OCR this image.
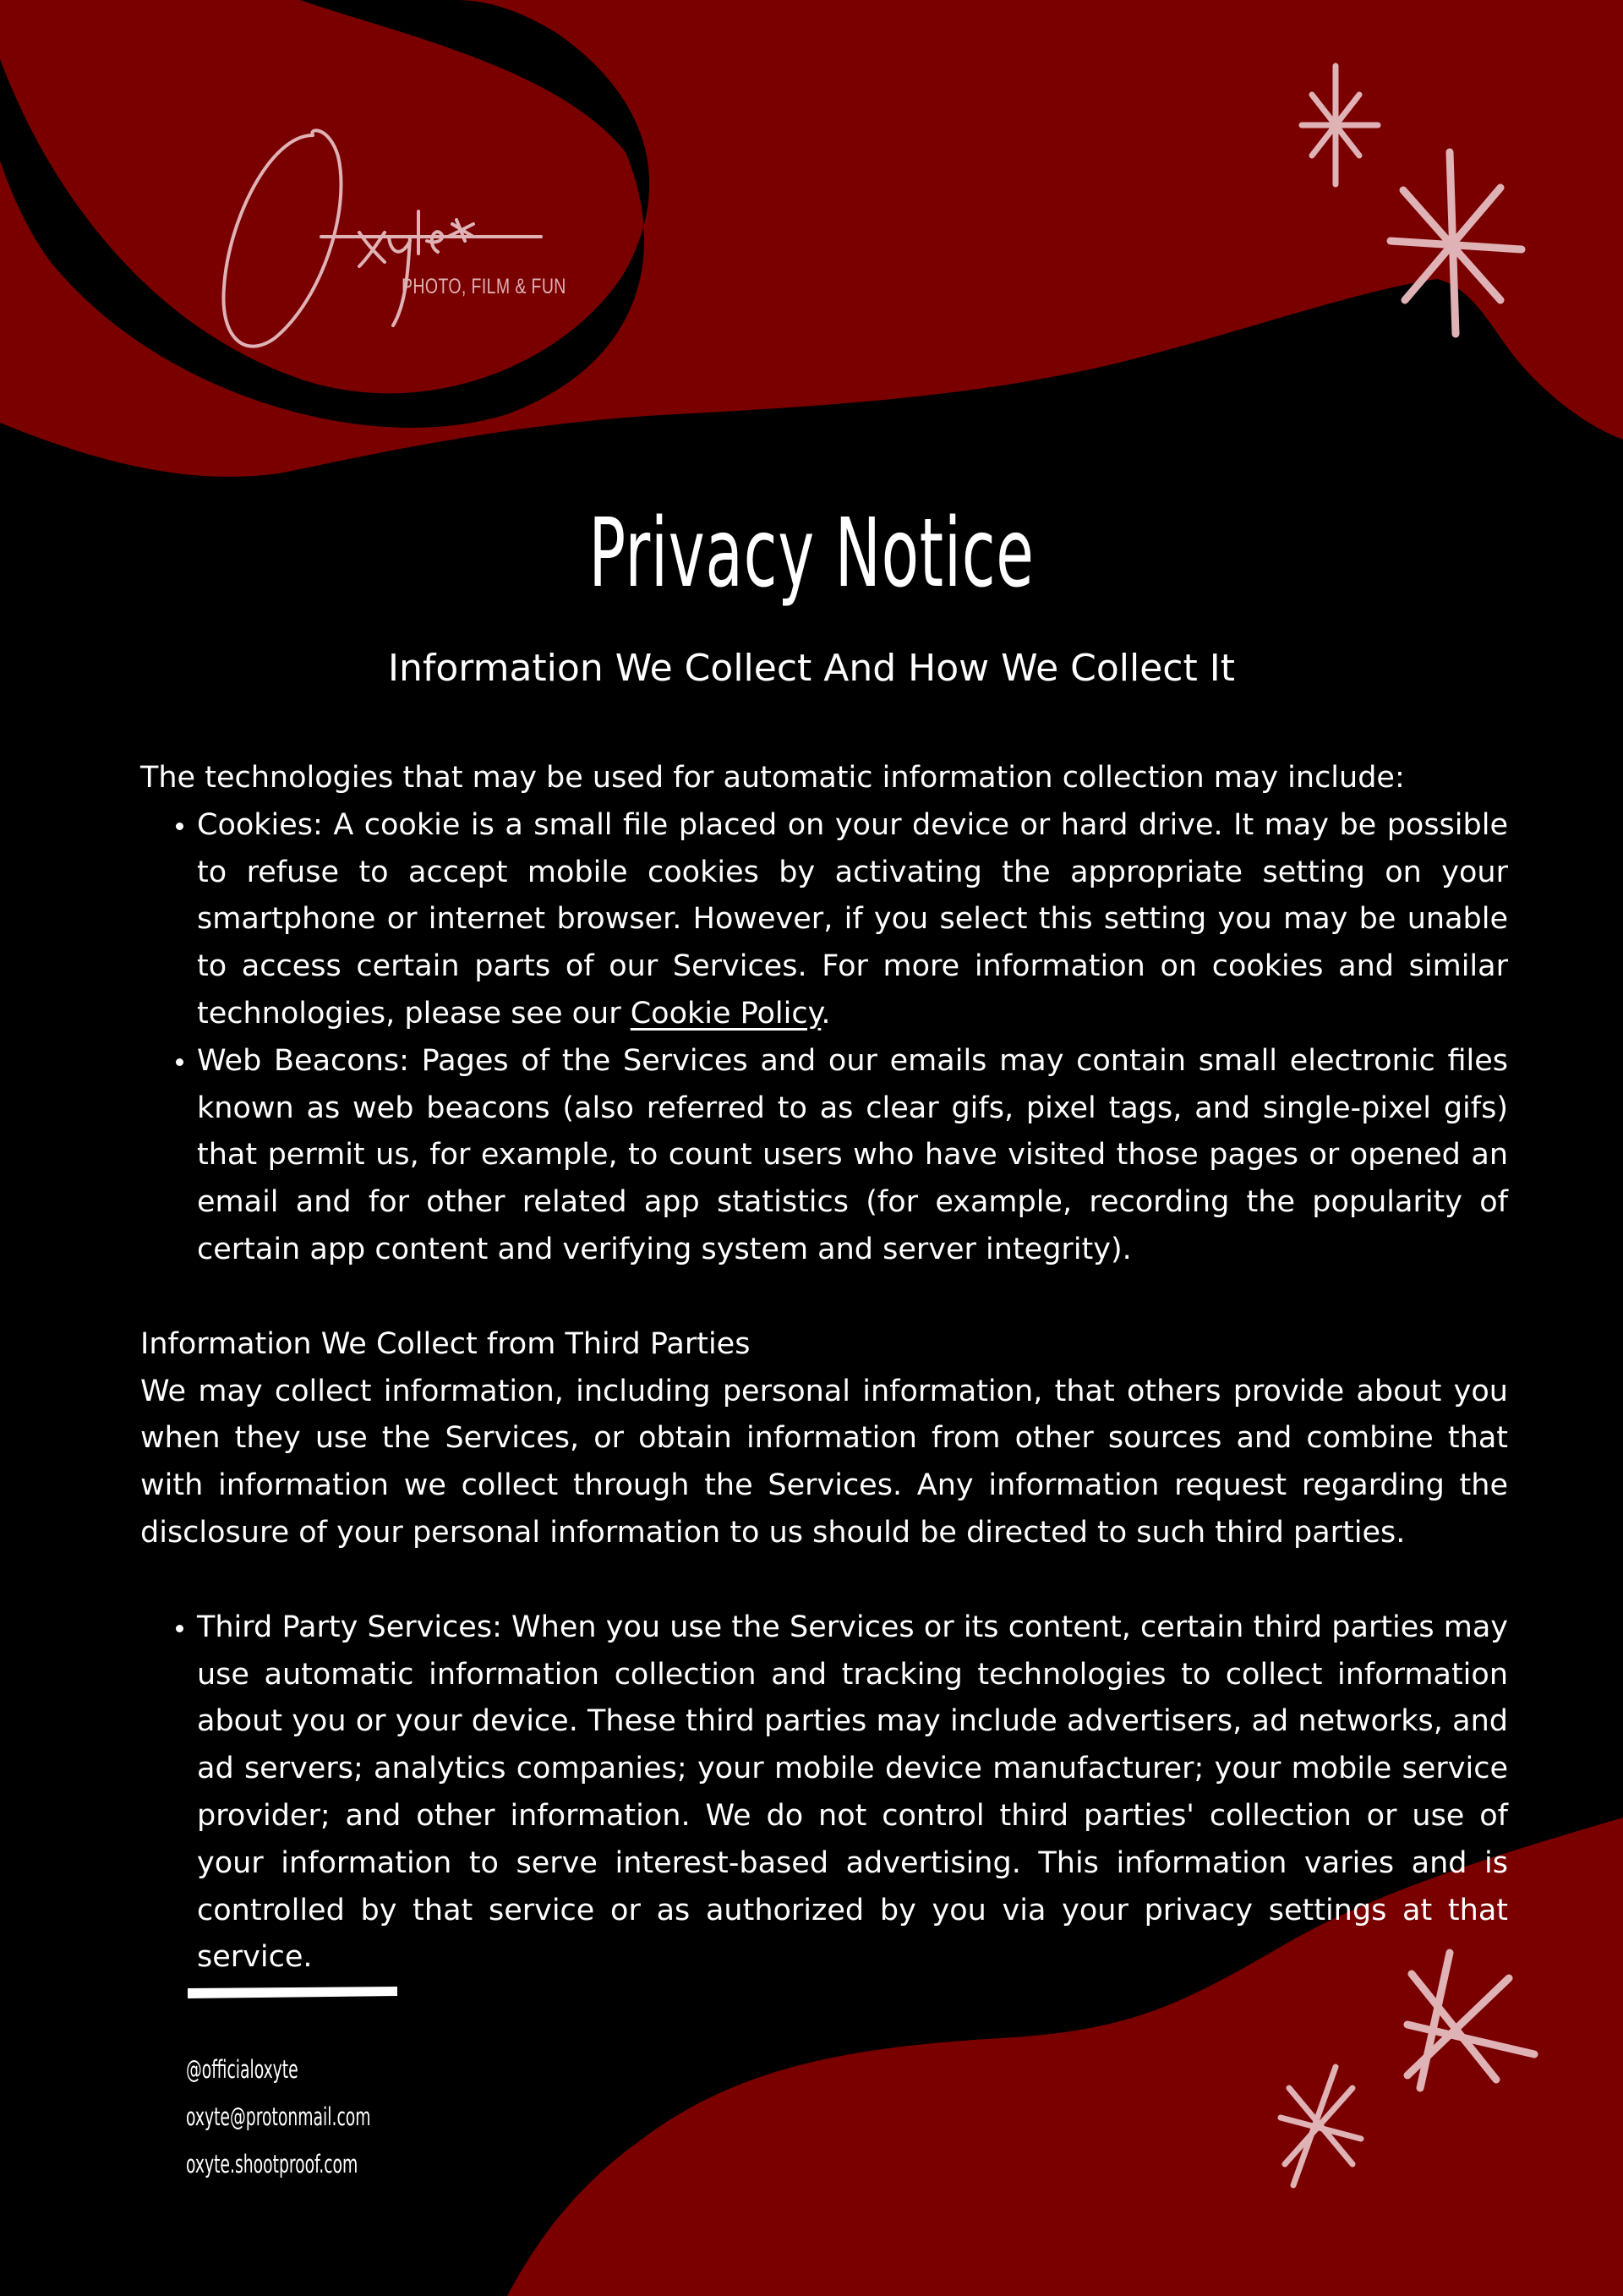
PHOTO, FILM & FUN
Privacy Notice
Information We Collect And How We Collect It

The technologies that may be used for automatic information collection may include:

• Cookies: A cookie is a small file placed on your device or hard drive. It may be possible to refuse to accept mobile cookies by activating the appropriate setting on your smartphone or internet browser. However, if you select this setting you may be unable to access certain parts of our Services. For more information on cookies and similar technologies, please see our Cookie Policy.
• Web Beacons: Pages of the Services and our emails may contain small electronic files known as web beacons (also referred to as clear gifs, pixel tags, and single-pixel gifs) that permit us, for example, to count users who have visited those pages or opened an email and for other related app statistics (for example, recording the popularity of certain app content and verifying system and server integrity).

Information We Collect from Third Parties

We may collect information, including personal information, that others provide about you when they use the Services, or obtain information from other sources and combine that with information we collect through the Services. Any information request regarding the disclosure of your personal information to us should be directed to such third parties.

• Third Party Services: When you use the Services or its content, certain third parties may use automatic information collection and tracking technologies to collect information about you or your device. These third parties may include advertisers, ad networks, and ad servers; analytics companies; your mobile device manufacturer; your mobile service provider; and other information. We do not control third parties' collection or use of your information to serve interest-based advertising. This information varies and is controlled by that service or as authorized by you via your privacy settings at that service.
@officialoxyte
oxyte@protonmail.com
oxyte.shootproof.com
